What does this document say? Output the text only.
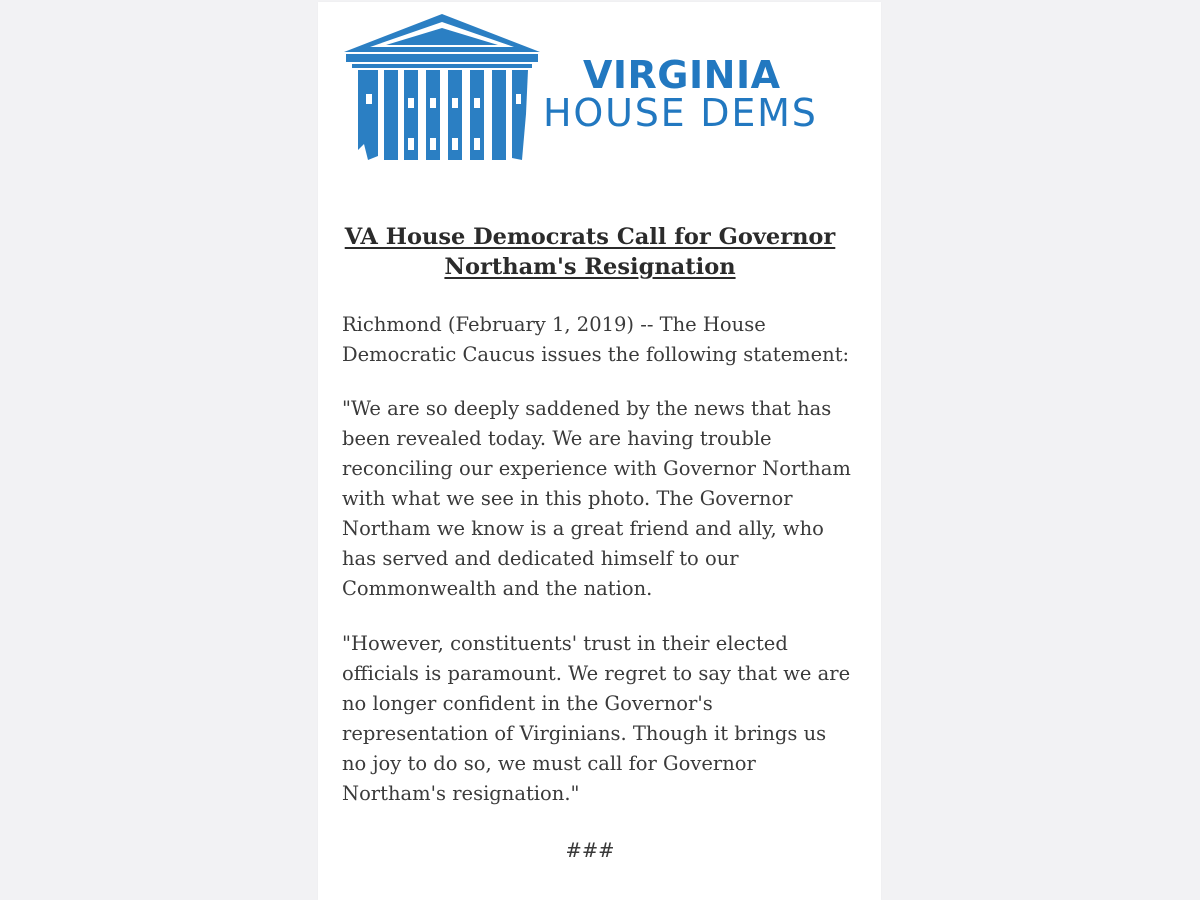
VIRGINIA
HOUSE DEMS
VA House Democrats Call for Governor
Northam's Resignation

Richmond (February 1, 2019) -- The House Democratic Caucus issues the following statement:

"We are so deeply saddened by the news that has been revealed today. We are having trouble reconciling our experience with Governor Northam with what we see in this photo. The Governor Northam we know is a great friend and ally, who has served and dedicated himself to our Commonwealth and the nation.

"However, constituents' trust in their elected officials is paramount. We regret to say that we are no longer confident in the Governor's representation of Virginians. Though it brings us no joy to do so, we must call for Governor Northam's resignation."

###
